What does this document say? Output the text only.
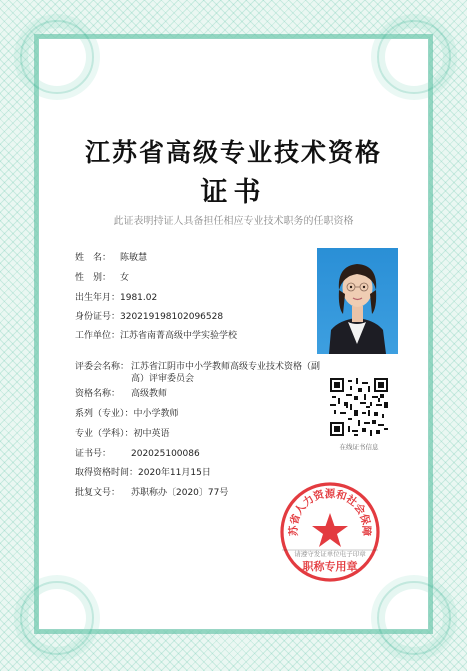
江苏省高级专业技术资格
证书
此证表明持证人具备担任相应专业技术职务的任职资格
姓　名： 陈敏慧
性　别： 女
出生年月：1981.02
身份证号：320219198102096528
工作单位：江苏省南菁高级中学实验学校
评委会名称： 江苏省江阴市中小学教师高级专业技术资格（副
高）评审委员会
资格名称： 高级教师
系列（专业）：中小学教师
专业（学科）：初中英语
证书号： 202025100086
取得资格时间：2020年11月15日
批复文号： 苏职称办〔2020〕77号
在线证书信息
苏省人力资源和社会保障
职称专用章
请遵守发证单位电子印章
